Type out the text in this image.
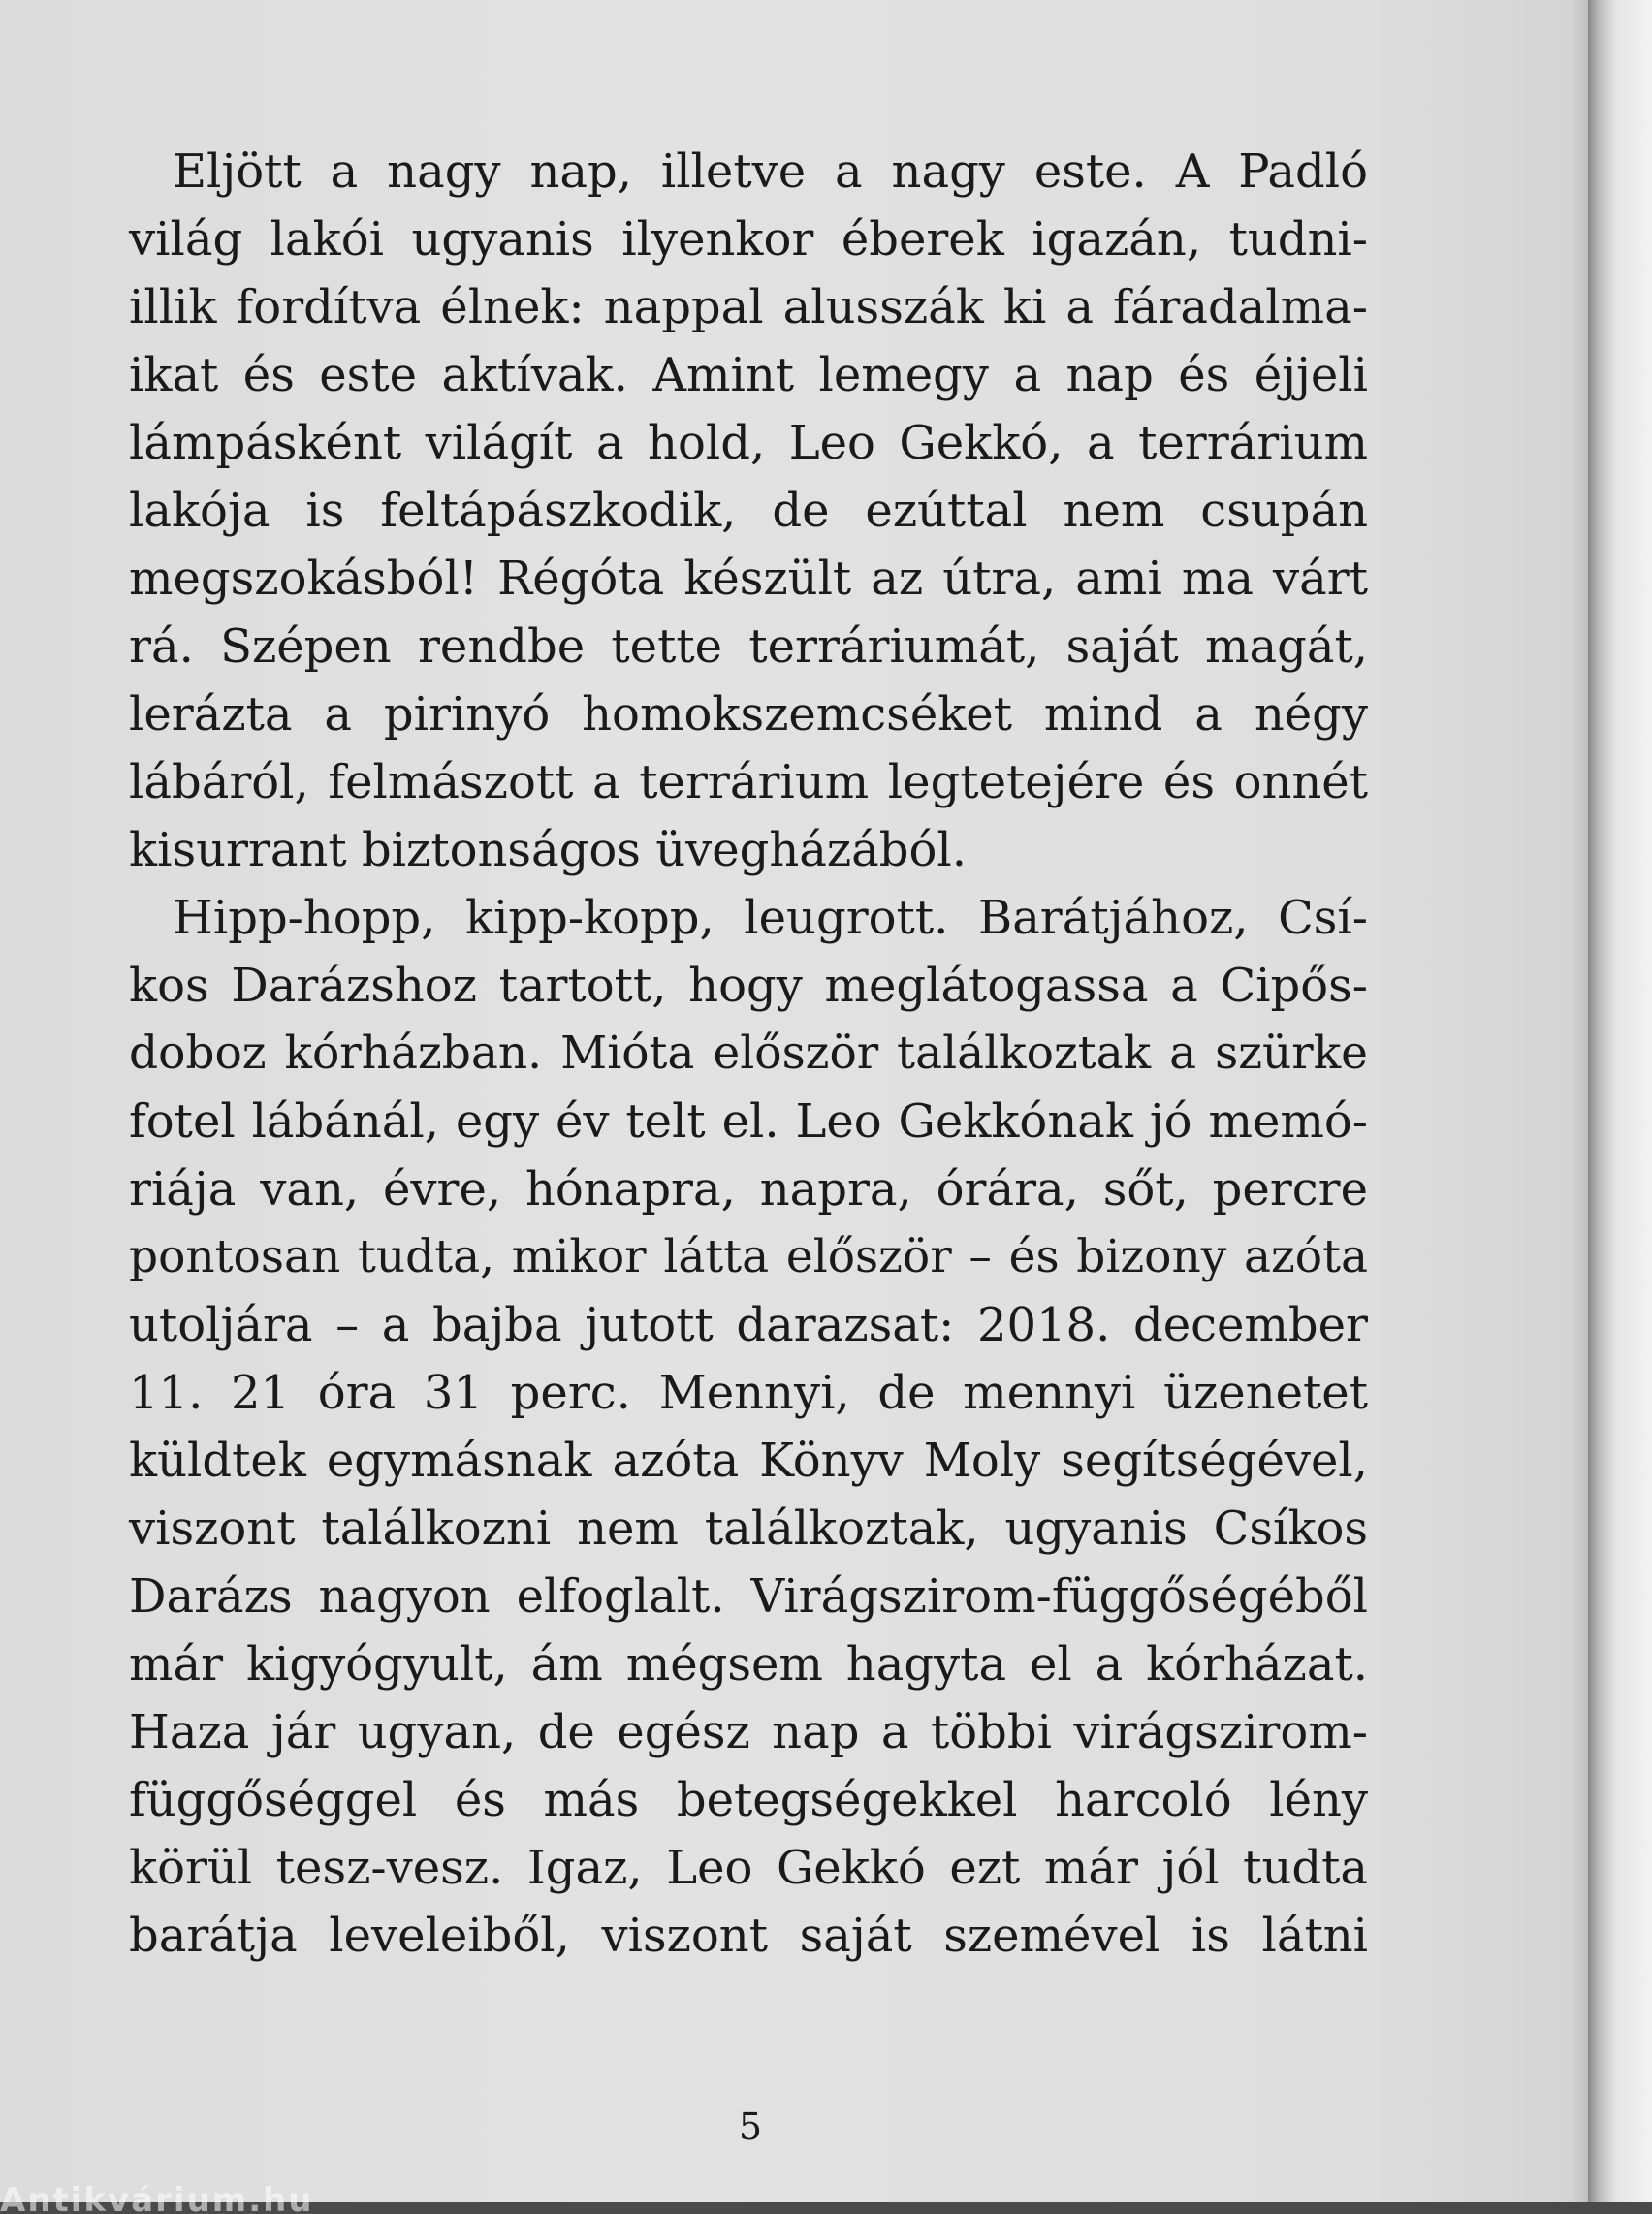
Eljött a nagy nap, illetve a nagy este. A Padló
világ lakói ugyanis ilyenkor éberek igazán, tudni-
illik fordítva élnek: nappal alusszák ki a fáradalma-
ikat és este aktívak. Amint lemegy a nap és éjjeli
lámpásként világít a hold, Leo Gekkó, a terrárium
lakója is feltápászkodik, de ezúttal nem csupán
megszokásból! Régóta készült az útra, ami ma várt
rá. Szépen rendbe tette terráriumát, saját magát,
lerázta a pirinyó homokszemcséket mind a négy
lábáról, felmászott a terrárium legtetejére és onnét
kisurrant biztonságos üvegházából.

Hipp-hopp, kipp-kopp, leugrott. Barátjához, Csí-
kos Darázshoz tartott, hogy meglátogassa a Cipős-
doboz kórházban. Mióta először találkoztak a szürke
fotel lábánál, egy év telt el. Leo Gekkónak jó memó-
riája van, évre, hónapra, napra, órára, sőt, percre
pontosan tudta, mikor látta először – és bizony azóta
utoljára – a bajba jutott darazsat: 2018. december
11. 21 óra 31 perc. Mennyi, de mennyi üzenetet
küldtek egymásnak azóta Könyv Moly segítségével,
viszont találkozni nem találkoztak, ugyanis Csíkos
Darázs nagyon elfoglalt. Virágszirom-függőségéből
már kigyógyult, ám mégsem hagyta el a kórházat.
Haza jár ugyan, de egész nap a többi virágszirom-
függőséggel és más betegségekkel harcoló lény
körül tesz-vesz. Igaz, Leo Gekkó ezt már jól tudta
barátja leveleiből, viszont saját szemével is látni

5
Antikvárium.hu
